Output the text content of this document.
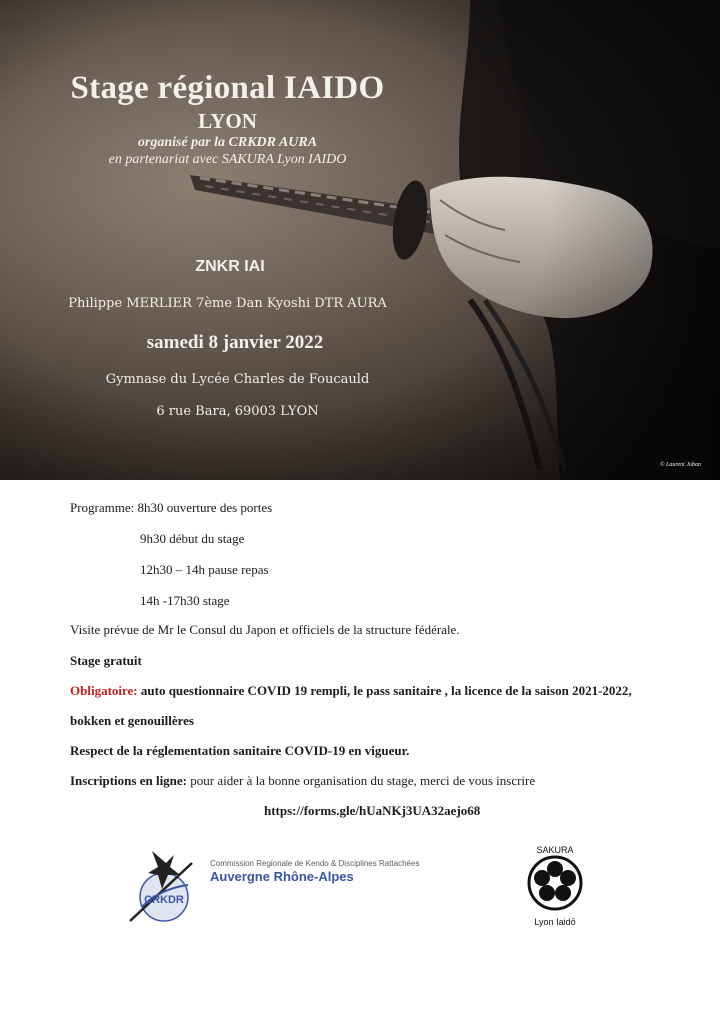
Stage régional IAIDO
LYON
organisé par la CRKDR AURA
en partenariat avec SAKURA Lyon IAIDO
ZNKR IAI
Philippe MERLIER 7ème Dan Kyoshi DTR AURA
samedi 8 janvier 2022
Gymnase du Lycée Charles de Foucauld
6 rue Bara, 69003 LYON
© Laurent Juban
Programme: 8h30 ouverture des portes
9h30 début du stage
12h30 – 14h pause repas
14h -17h30 stage
Visite prévue de Mr le Consul du Japon et officiels de la structure fédérale.
Stage gratuit
Obligatoire: auto questionnaire COVID 19 rempli, le pass sanitaire , la licence de la saison 2021-2022,
bokken et genouillères
Respect de la réglementation sanitaire COVID-19 en vigueur.
Inscriptions en ligne: pour aider à la bonne organisation du stage, merci de vous inscrire
https://forms.gle/hUaNKj3UA32aejo68
CRKDR
Commission Regionale de Kendo & Disciplines Rattachées
Auvergne Rhône-Alpes
SAKURA
Lyon Iaidō
